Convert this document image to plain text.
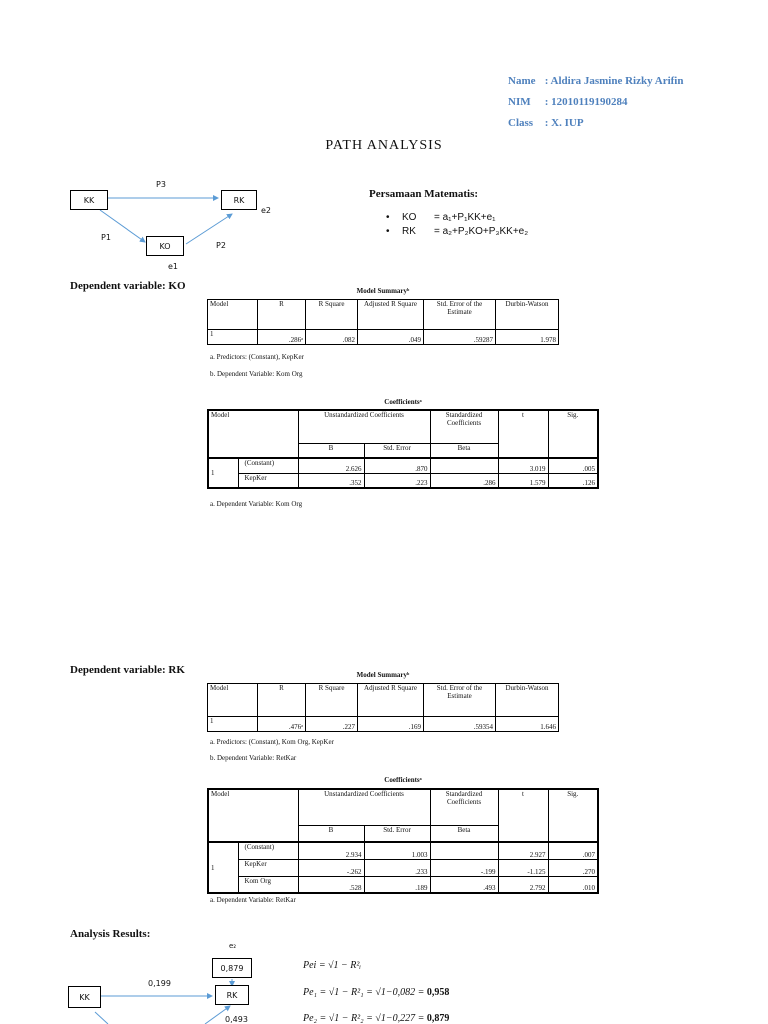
Name : Aldira Jasmine Rizky Arifin
NIM : 12010119190284
Class : X. IUP
PATH ANALYSIS
KK	RK
KO
P3
P1
P2
e2
e1
Persamaan Matematis:
• KO = a₁+P₁KK+e₁
• RK = a₂+P₂KO+P₃KK+e₂
Dependent variable: KO	Model Summaryᵇ
Model	R	R Square	Adjusted R Square	Std. Error of the Estimate	Durbin-Watson
1	.286ᵃ	.082	.049	.59287	1.978
a. Predictors: (Constant), KepKer
b. Dependent Variable: Kom Org
Coefficientsᵃ
Model		Unstandardized Coefficients		Standardized Coefficients	t	Sig.
		B	Std. Error	Beta		
1	(Constant)	2.626	.870		3.019	.005
	KepKer	.352	.223	.286	1.579	.126
a. Dependent Variable: Kom Org
Dependent variable: RK	Model Summaryᵇ
Model	R	R Square	Adjusted R Square	Std. Error of the Estimate	Durbin-Watson
1	.476ᵃ	.227	.169	.59354	1.646
a. Predictors: (Constant), Kom Org, KepKer
b. Dependent Variable: RetKar
Coefficientsᵃ
Model		Unstandardized Coefficients		Standardized Coefficients	t	Sig.
		B	Std. Error	Beta		
1	(Constant)	2.934	1.003		2.927	.007
	KepKer	-.262	.233	-.199	-1.125	.270
	Kom Org	.528	.189	.493	2.792	.010
a. Dependent Variable: RetKar
Analysis Results:
e₂
0,879
KK	RK
0,199
0,493
Pei = √1 − R²ᵢ
Pe₁ = √1 − R²₁ = √1−0,082 = 0,958
Pe₂ = √1 − R²₂ = √1−0,227 = 0,879
